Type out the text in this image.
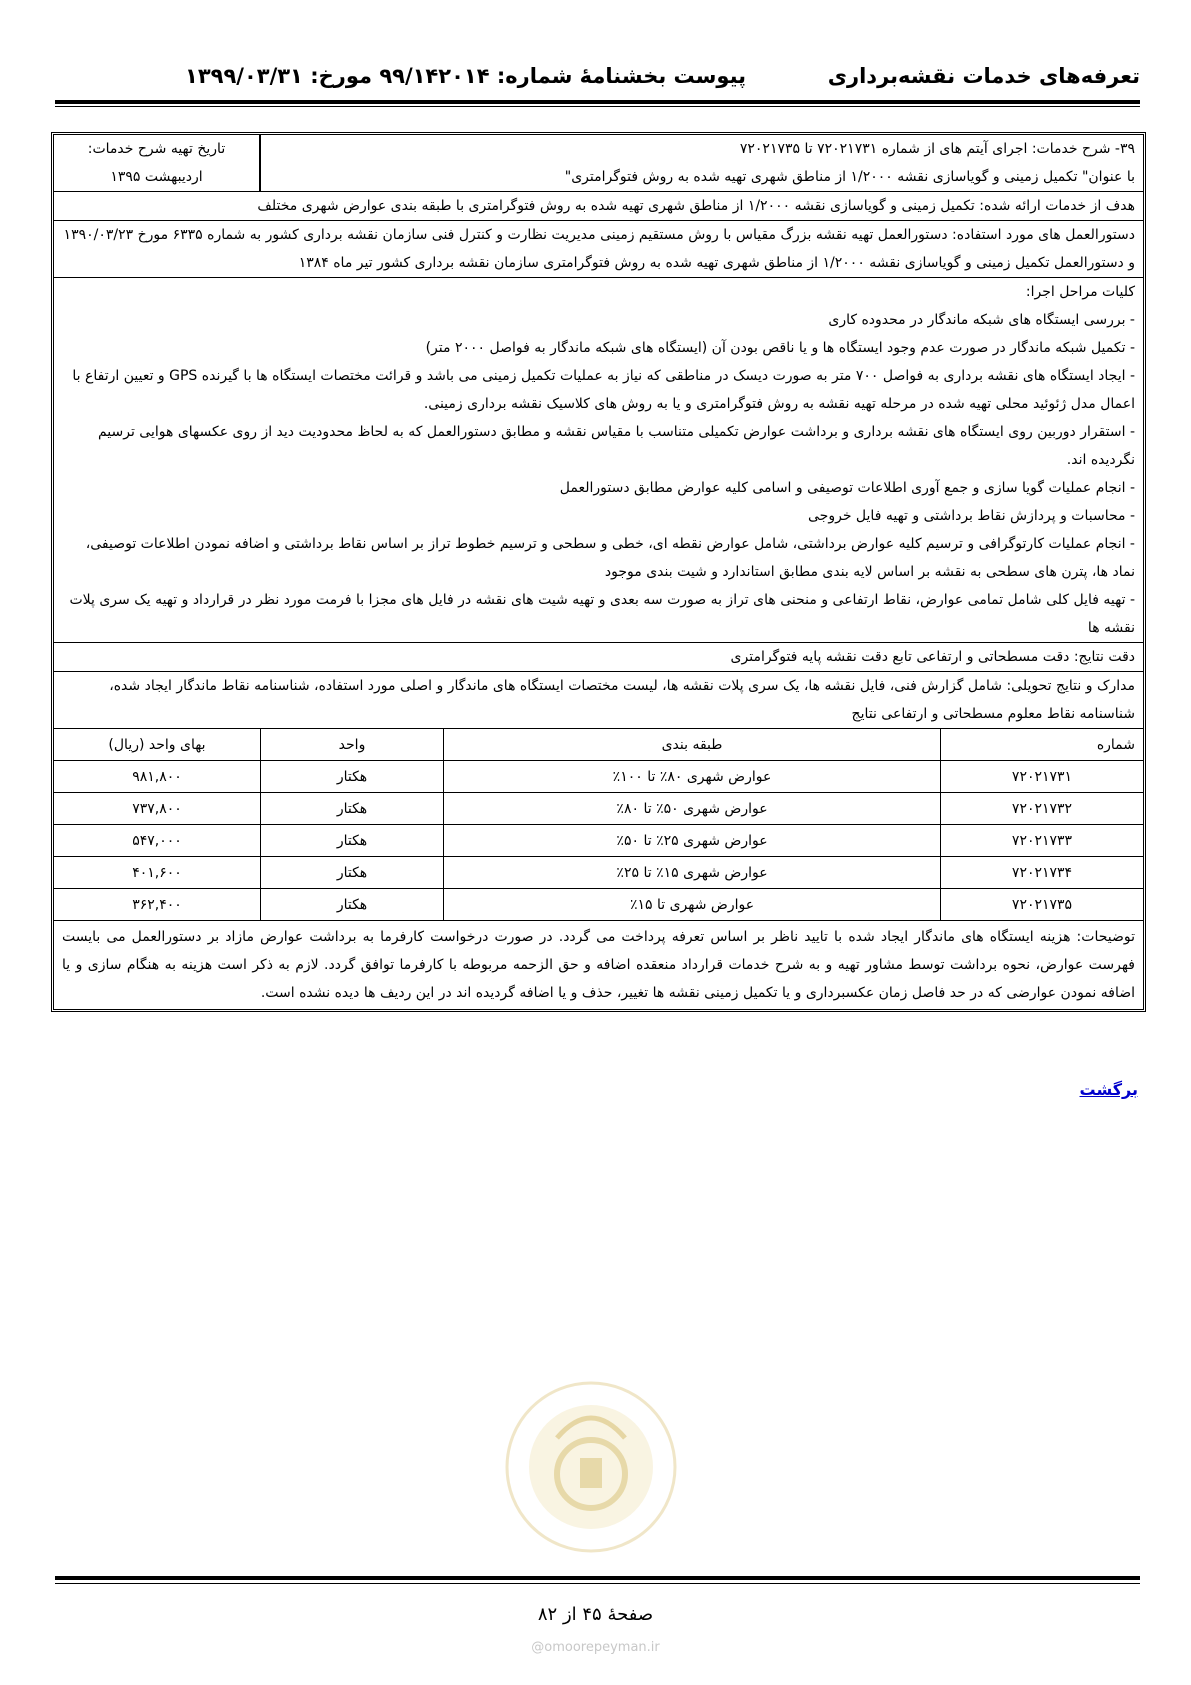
تعرفه‌های خدمات نقشه‌برداری
پیوست بخشنامهٔ شماره: ۹۹/۱۴۲۰۱۴ مورخ: ۱۳۹۹/۰۳/۳۱
۳۹- شرح خدمات: اجرای آیتم های از شماره ۷۲۰۲۱۷۳۱ تا ۷۲۰۲۱۷۳۵
با عنوان" تکمیل زمینی و گویاسازی نقشه ۱/۲۰۰۰ از مناطق شهری تهیه شده به روش فتوگرامتری"
تاریخ تهیه شرح خدمات:
اردیبهشت ۱۳۹۵
هدف از خدمات ارائه شده: تکمیل زمینی و گویاسازی نقشه ۱/۲۰۰۰ از مناطق شهری تهیه شده به روش فتوگرامتری با طبقه بندی عوارض شهری مختلف
دستورالعمل های مورد استفاده: دستورالعمل تهیه نقشه بزرگ مقیاس با روش مستقیم زمینی مدیریت نظارت و کنترل فنی سازمان نقشه برداری کشور به شماره ۶۳۳۵ مورخ ۱۳۹۰/۰۳/۲۳ و دستورالعمل تکمیل زمینی و گویاسازی نقشه ۱/۲۰۰۰ از مناطق شهری تهیه شده به روش فتوگرامتری سازمان نقشه برداری کشور تیر ماه ۱۳۸۴
کلیات مراحل اجرا:
- بررسی ایستگاه های شبکه ماندگار در محدوده کاری
- تکمیل شبکه ماندگار در صورت عدم وجود ایستگاه ها و یا ناقص بودن آن (ایستگاه های شبکه ماندگار به فواصل ۲۰۰۰ متر)
- ایجاد ایستگاه های نقشه برداری به فواصل ۷۰۰ متر به صورت دیسک در مناطقی که نیاز به عملیات تکمیل زمینی می باشد و قرائت مختصات ایستگاه ها با گیرنده GPS و تعیین ارتفاع با اعمال مدل ژئوئید محلی تهیه شده در مرحله تهیه نقشه به روش فتوگرامتری و یا به روش های کلاسیک نقشه برداری زمینی.
- استقرار دوربین روی ایستگاه های نقشه برداری و برداشت عوارض تکمیلی متناسب با مقیاس نقشه و مطابق دستورالعمل که به لحاظ محدودیت دید از روی عکسهای هوایی ترسیم نگردیده اند.
- انجام عملیات گویا سازی و جمع آوری اطلاعات توصیفی و اسامی کلیه عوارض مطابق دستورالعمل
- محاسبات و پردازش نقاط برداشتی و تهیه فایل خروجی
- انجام عملیات کارتوگرافی و ترسیم کلیه عوارض برداشتی، شامل عوارض نقطه ای، خطی و سطحی و ترسیم خطوط تراز بر اساس نقاط برداشتی و اضافه نمودن اطلاعات توصیفی، نماد ها، پترن های سطحی به نقشه بر اساس لایه بندی مطابق استاندارد و شیت بندی موجود
- تهیه فایل کلی شامل تمامی عوارض، نقاط ارتفاعی و منحنی های تراز به صورت سه بعدی و تهیه شیت های نقشه در فایل های مجزا با فرمت مورد نظر در قرارداد و تهیه یک سری پلات نقشه ها
دقت نتایج: دقت مسطحاتی و ارتفاعی تابع دقت نقشه پایه فتوگرامتری
مدارک و نتایج تحویلی: شامل گزارش فنی، فایل نقشه ها، یک سری پلات نقشه ها، لیست مختصات ایستگاه های ماندگار و اصلی مورد استفاده، شناسنامه نقاط ماندگار ایجاد شده، شناسنامه نقاط معلوم مسطحاتی و ارتفاعی نتایج
شماره	طبقه بندی	واحد	بهای واحد (ریال)
۷۲۰۲۱۷۳۱	عوارض شهری ۸۰٪ تا ۱۰۰٪	هکتار	۹۸۱,۸۰۰
۷۲۰۲۱۷۳۲	عوارض شهری ۵۰٪ تا ۸۰٪	هکتار	۷۳۷,۸۰۰
۷۲۰۲۱۷۳۳	عوارض شهری ۲۵٪ تا ۵۰٪	هکتار	۵۴۷,۰۰۰
۷۲۰۲۱۷۳۴	عوارض شهری ۱۵٪ تا ۲۵٪	هکتار	۴۰۱,۶۰۰
۷۲۰۲۱۷۳۵	عوارض شهری تا ۱۵٪	هکتار	۳۶۲,۴۰۰
توضیحات: هزینه ایستگاه های ماندگار ایجاد شده با تایید ناظر بر اساس تعرفه پرداخت می گردد. در صورت درخواست کارفرما به برداشت عوارض مازاد بر دستورالعمل می بایست فهرست عوارض، نحوه برداشت توسط مشاور تهیه و به شرح خدمات قرارداد منعقده اضافه و حق الزحمه مربوطه با کارفرما توافق گردد. لازم به ذکر است هزینه به هنگام سازی و یا اضافه نمودن عوارضی که در حد فاصل زمان عکسبرداری و یا تکمیل زمینی نقشه ها تغییر، حذف و یا اضافه گردیده اند در این ردیف ها دیده نشده است.
برگشت
صفحهٔ ۴۵ از ۸۲
@omoorepeyman.ir
